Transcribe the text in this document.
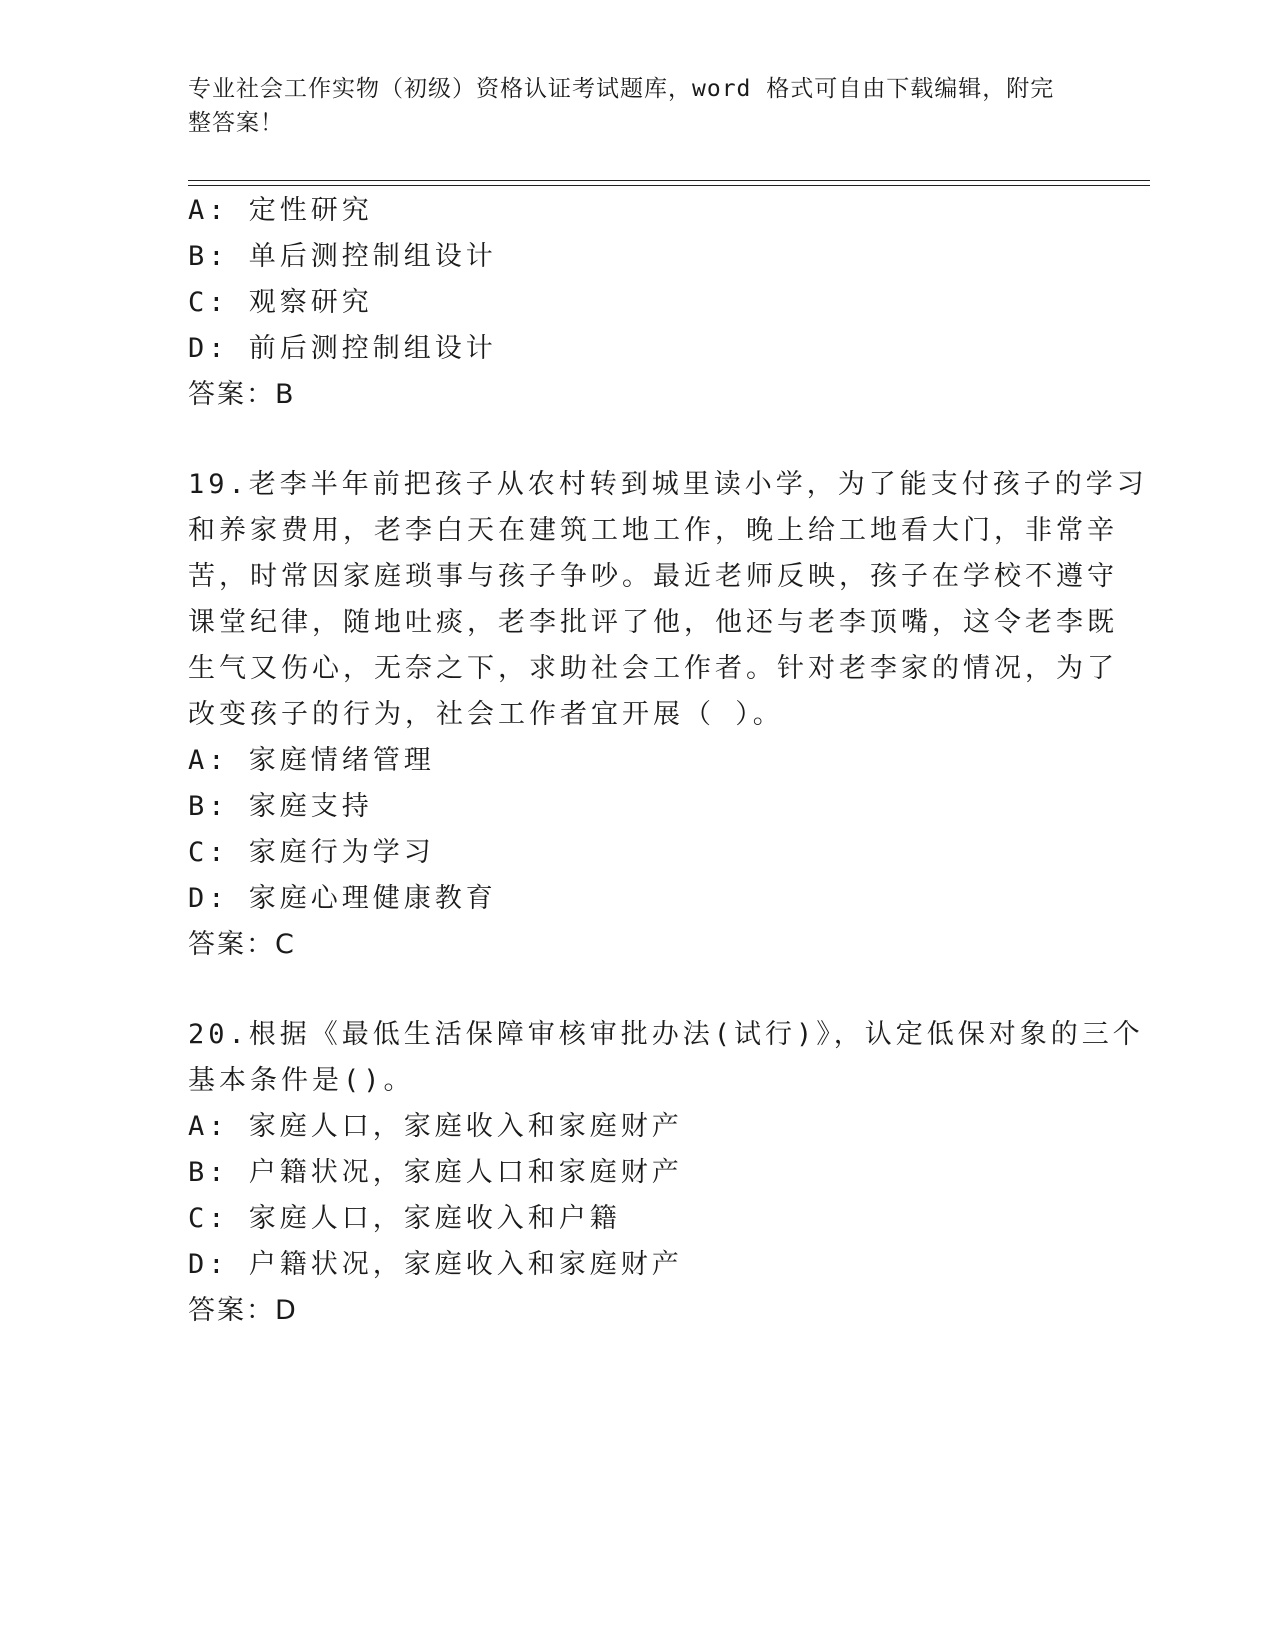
专业社会工作实物（初级）资格认证考试题库，word 格式可自由下载编辑，附完
整答案！
A: 定性研究
B: 单后测控制组设计
C: 观察研究
D: 前后测控制组设计
答案：B
19.老李半年前把孩子从农村转到城里读小学，为了能支付孩子的学习
和养家费用，老李白天在建筑工地工作，晚上给工地看大门，非常辛
苦，时常因家庭琐事与孩子争吵。最近老师反映，孩子在学校不遵守
课堂纪律，随地吐痰，老李批评了他，他还与老李顶嘴，这令老李既
生气又伤心，无奈之下，求助社会工作者。针对老李家的情况，为了
改变孩子的行为，社会工作者宜开展（ ）。
A: 家庭情绪管理
B: 家庭支持
C: 家庭行为学习
D: 家庭心理健康教育
答案：C
20.根据《最低生活保障审核审批办法(试行)》，认定低保对象的三个
基本条件是()。
A: 家庭人口，家庭收入和家庭财产
B: 户籍状况，家庭人口和家庭财产
C: 家庭人口，家庭收入和户籍
D: 户籍状况，家庭收入和家庭财产
答案：D
